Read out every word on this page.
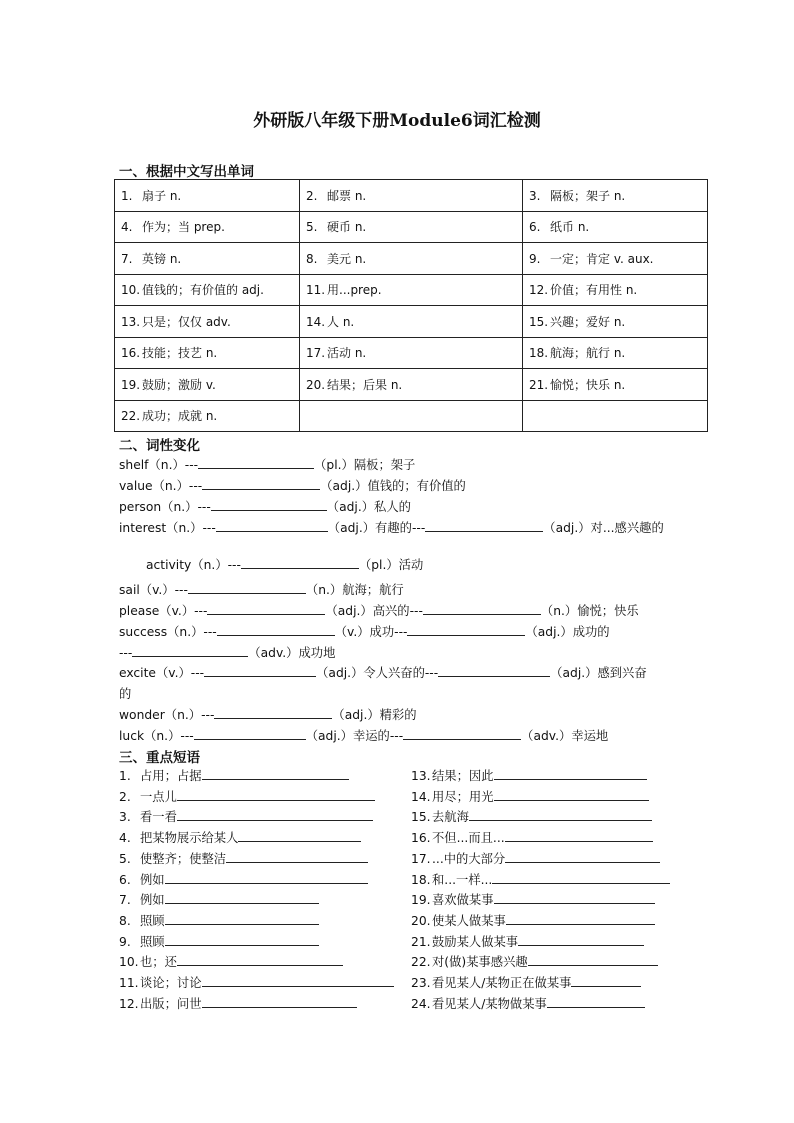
外研版八年级下册Module6词汇检测
一、根据中文写出单词
1. 扇子 n.	2. 邮票 n.	3. 隔板；架子 n.
4. 作为；当 prep.	5. 硬币 n.	6. 纸币 n.
7. 英镑 n.	8. 美元 n.	9. 一定；肯定 v. aux.
10. 值钱的；有价值的 adj.	11. 用...prep.	12. 价值；有用性 n.
13. 只是；仅仅 adv.	14. 人 n.	15. 兴趣；爱好 n.
16. 技能；技艺 n.	17. 活动 n.	18. 航海；航行 n.
19. 鼓励；激励 v.	20. 结果；后果 n.	21. 愉悦；快乐 n.
22. 成功；成就 n.		
二、词性变化
shelf（n.）---	（pl.）隔板；架子
value（n.）---	（adj.）值钱的；有价值的
person（n.）---	（adj.）私人的
interest（n.）---	（adj.）有趣的---	（adj.）对...感兴趣的
activity（n.）---	（pl.）活动
sail（v.）---	（n.）航海；航行
please（v.）---	（adj.）高兴的---	（n.）愉悦；快乐
success（n.）---	（v.）成功---	（adj.）成功的
---	（adv.）成功地
excite（v.）---	（adj.）令人兴奋的---	（adj.）感到兴奋
的
wonder（n.）---	（adj.）精彩的
luck（n.）---	（adj.）幸运的---	（adv.）幸运地
三、重点短语
1. 占用；占据
2. 一点儿
3. 看一看
4. 把某物展示给某人
5. 使整齐；使整洁
6. 例如
7. 例如
8. 照顾
9. 照顾
10.也；还
11.谈论；讨论
12.出版；问世
13.结果；因此
14.用尽；用光
15.去航海
16.不但...而且...
17....中的大部分
18.和...一样...
19.喜欢做某事
20.使某人做某事
21.鼓励某人做某事
22.对(做)某事感兴趣
23.看见某人/某物正在做某事
24.看见某人/某物做某事
